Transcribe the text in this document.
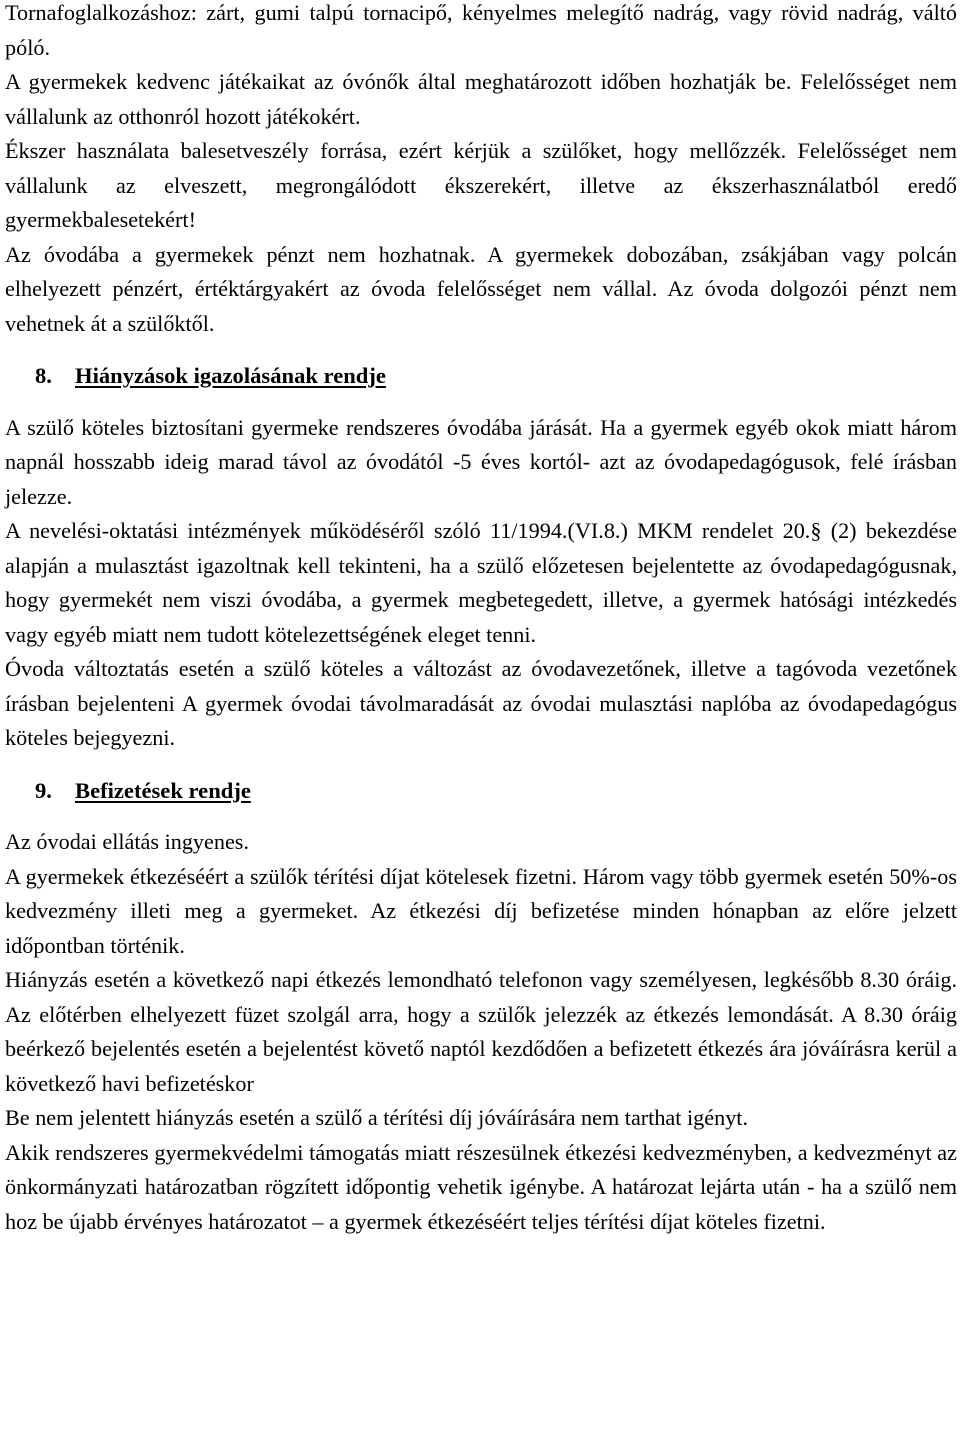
Tornafoglalkozáshoz: zárt, gumi talpú tornacipő, kényelmes melegítő nadrág, vagy rövid nadrág, váltó póló.

A gyermekek kedvenc játékaikat az óvónők által meghatározott időben hozhatják be. Felelősséget nem vállalunk az otthonról hozott játékokért.

Ékszer használata balesetveszély forrása, ezért kérjük a szülőket, hogy mellőzzék. Felelősséget nem vállalunk az elveszett, megrongálódott ékszerekért, illetve az ékszerhasználatból eredő gyermekbalesetekért!

Az óvodába a gyermekek pénzt nem hozhatnak. A gyermekek dobozában, zsákjában vagy polcán elhelyezett pénzért, értéktárgyakért az óvoda felelősséget nem vállal. Az óvoda dolgozói pénzt nem vehetnek át a szülőktől.

8. Hiányzások igazolásának rendje

A szülő köteles biztosítani gyermeke rendszeres óvodába járását. Ha a gyermek egyéb okok miatt három napnál hosszabb ideig marad távol az óvodától -5 éves kortól- azt az óvodapedagógusok, felé írásban jelezze.

A nevelési-oktatási intézmények működéséről szóló 11/1994.(VI.8.) MKM rendelet 20.§ (2) bekezdése alapján a mulasztást igazoltnak kell tekinteni, ha a szülő előzetesen bejelentette az óvodapedagógusnak, hogy gyermekét nem viszi óvodába, a gyermek megbetegedett, illetve, a gyermek hatósági intézkedés vagy egyéb miatt nem tudott kötelezettségének eleget tenni.

Óvoda változtatás esetén a szülő köteles a változást az óvodavezetőnek, illetve a tagóvoda vezetőnek írásban bejelenteni A gyermek óvodai távolmaradását az óvodai mulasztási naplóba az óvodapedagógus köteles bejegyezni.

9. Befizetések rendje

Az óvodai ellátás ingyenes.

A gyermekek étkezéséért a szülők térítési díjat kötelesek fizetni. Három vagy több gyermek esetén 50%-os kedvezmény illeti meg a gyermeket. Az étkezési díj befizetése minden hónapban az előre jelzett időpontban történik.

Hiányzás esetén a következő napi étkezés lemondható telefonon vagy személyesen, legkésőbb 8.30 óráig. Az előtérben elhelyezett füzet szolgál arra, hogy a szülők jelezzék az étkezés lemondását. A 8.30 óráig beérkező bejelentés esetén a bejelentést követő naptól kezdődően a befizetett étkezés ára jóváírásra kerül a következő havi befizetéskor

Be nem jelentett hiányzás esetén a szülő a térítési díj jóváírására nem tarthat igényt.

Akik rendszeres gyermekvédelmi támogatás miatt részesülnek étkezési kedvezményben, a kedvezményt az önkormányzati határozatban rögzített időpontig vehetik igénybe. A határozat lejárta után - ha a szülő nem hoz be újabb érvényes határozatot – a gyermek étkezéséért teljes térítési díjat köteles fizetni.
